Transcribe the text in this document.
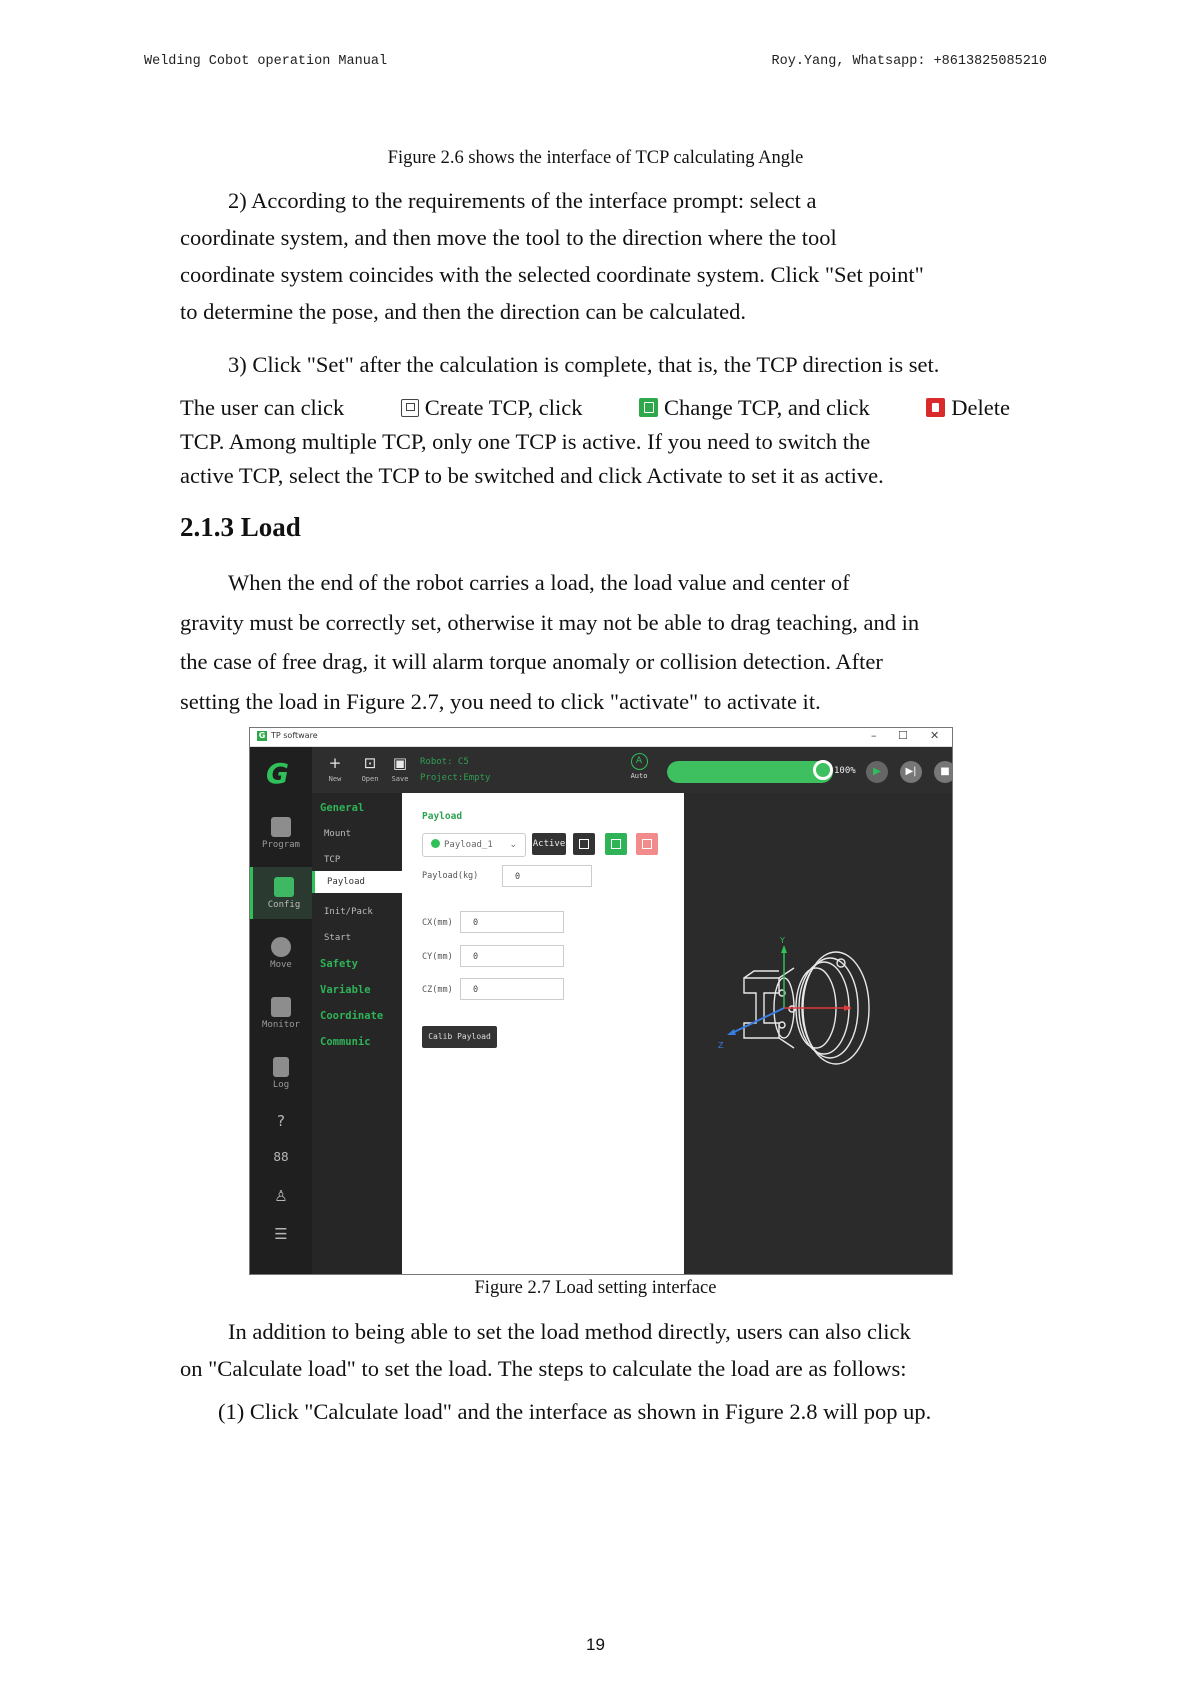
Welding Cobot operation Manual	Roy.Yang, Whatsapp: +8613825085210
Figure 2.6 shows the interface of TCP calculating Angle
2) According to the requirements of the interface prompt: select a
coordinate system, and then move the tool to the direction where the tool
coordinate system coincides with the selected coordinate system. Click "Set point"
to determine the pose, and then the direction can be calculated.
3) Click "Set" after the calculation is complete, that is, the TCP direction is set.
The user can click	Create TCP, click	Change TCP, and click	Delete
TCP. Among multiple TCP, only one TCP is active. If you need to switch the
active TCP, select the TCP to be switched and click Activate to set it as active.
2.1.3 Load
When the end of the robot carries a load, the load value and center of
gravity must be correctly set, otherwise it may not be able to drag teaching, and in
the case of free drag, it will alarm torque anomaly or collision detection. After
setting the load in Figure 2.7, you need to click "activate" to activate it.
G TP software	– ☐ ✕
G
Program
Config
Move
Monitor
Log
?
88
♙
☰
+
New
⊡
Open
▣
Save
Robot: C5
Project:Empty
A
Auto	100%	▶	▶|	■
General
Mount
TCP
Payload
Init/Pack
Start
Safety
Variable
Coordinate
Communic
Payload
Payload_1 ⌄ Active
Payload(kg)	0
CX(mm)	0
CY(mm)	0
CZ(mm)	0
Calib Payload
Y
Z
Figure 2.7 Load setting interface
In addition to being able to set the load method directly, users can also click
on "Calculate load" to set the load. The steps to calculate the load are as follows:
(1) Click "Calculate load" and the interface as shown in Figure 2.8 will pop up.
19
